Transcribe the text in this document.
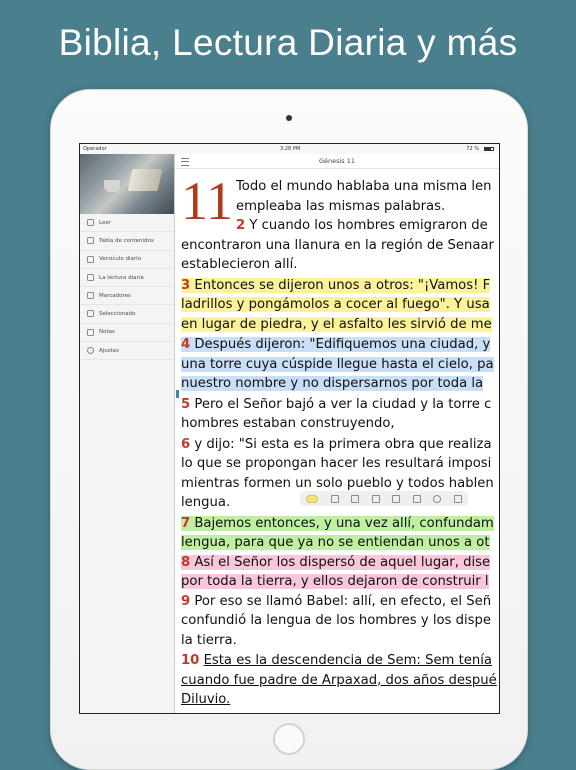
Biblia, Lectura Diaria y más
Operador	3:28 PM	72 %
Leer
Tabla de contenidos
Versículo diario
La lectura diaria
Marcadores
Seleccionado
Notas
Ajustes
Génesis 11
11 Todo el mundo hablaba una misma len
empleaba las mismas palabras.
2 Y cuando los hombres emigraron de
encontraron una llanura en la región de Senaar
establecieron allí.
3 Entonces se dijeron unos a otros: "¡Vamos! F
ladrillos y pongámolos a cocer al fuego". Y usa
en lugar de piedra, y el asfalto les sirvió de me
4 Después dijeron: "Edifiquemos una ciudad, y
una torre cuya cúspide llegue hasta el cielo, pa
nuestro nombre y no dispersarnos por toda la
5 Pero el Señor bajó a ver la ciudad y la torre c
hombres estaban construyendo,
6 y dijo: "Si esta es la primera obra que realiza
lo que se propongan hacer les resultará imposi
mientras formen un solo pueblo y todos hablen
lengua.
7 Bajemos entonces, y una vez allí, confundam
lengua, para que ya no se entiendan unos a ot
8 Así el Señor los dispersó de aquel lugar, dise
por toda la tierra, y ellos dejaron de construir l
9 Por eso se llamó Babel: allí, en efecto, el Señ
confundió la lengua de los hombres y los dispe
la tierra.
10 Esta es la descendencia de Sem: Sem tenía
cuando fue padre de Arpaxad, dos años despué
Diluvio.
